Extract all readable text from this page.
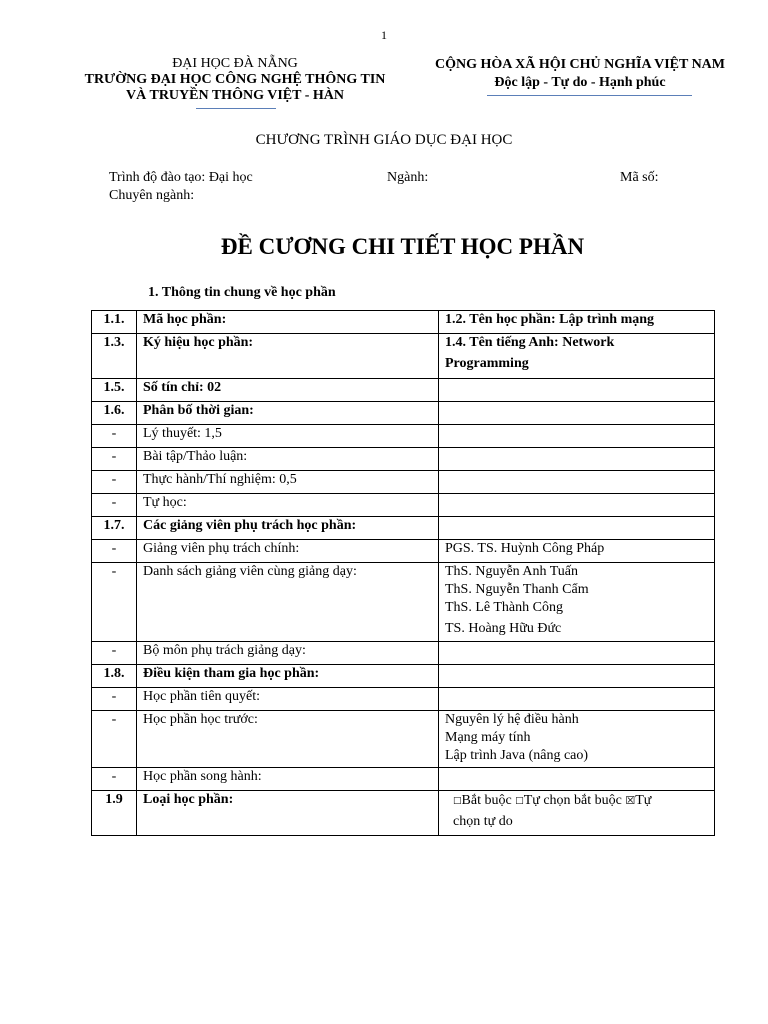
1
ĐẠI HỌC ĐÀ NẴNG
TRƯỜNG ĐẠI HỌC CÔNG NGHỆ THÔNG TIN
VÀ TRUYỀN THÔNG VIỆT - HÀN
CỘNG HÒA XÃ HỘI CHỦ NGHĨA VIỆT NAM
Độc lập - Tự do - Hạnh phúc
CHƯƠNG TRÌNH GIÁO DỤC ĐẠI HỌC
Trình độ đào tạo: Đại học	Ngành:	Mã số:
Chuyên ngành:
ĐỀ CƯƠNG CHI TIẾT HỌC PHẦN
1. Thông tin chung về học phần
1.1.	Mã học phần:	1.2. Tên học phần: Lập trình mạng
1.3.	Ký hiệu học phần:	1.4. Tên tiếng Anh: Network
Programming

1.5.	Số tín chỉ: 02	
1.6.	Phân bố thời gian:	
-	Lý thuyết: 1,5	
-	Bài tập/Thảo luận:	
-	Thực hành/Thí nghiệm: 0,5	
-	Tự học:	
1.7.	Các giảng viên phụ trách học phần:	
-	Giảng viên phụ trách chính:	PGS. TS. Huỳnh Công Pháp
-	Danh sách giảng viên cùng giảng dạy:	ThS. Nguyễn Anh Tuấn
ThS. Nguyễn Thanh Cẩm
ThS. Lê Thành Công
TS. Hoàng Hữu Đức

-	Bộ môn phụ trách giảng dạy:	
1.8.	Điều kiện tham gia học phần:	
-	Học phần tiên quyết:	
-	Học phần học trước:	Nguyên lý hệ điều hành
Mạng máy tính
Lập trình Java (nâng cao)

-	Học phần song hành:	
1.9	Loại học phần:	□Bắt buộc □Tự chọn bắt buộc ☒Tự
chọn tự do
